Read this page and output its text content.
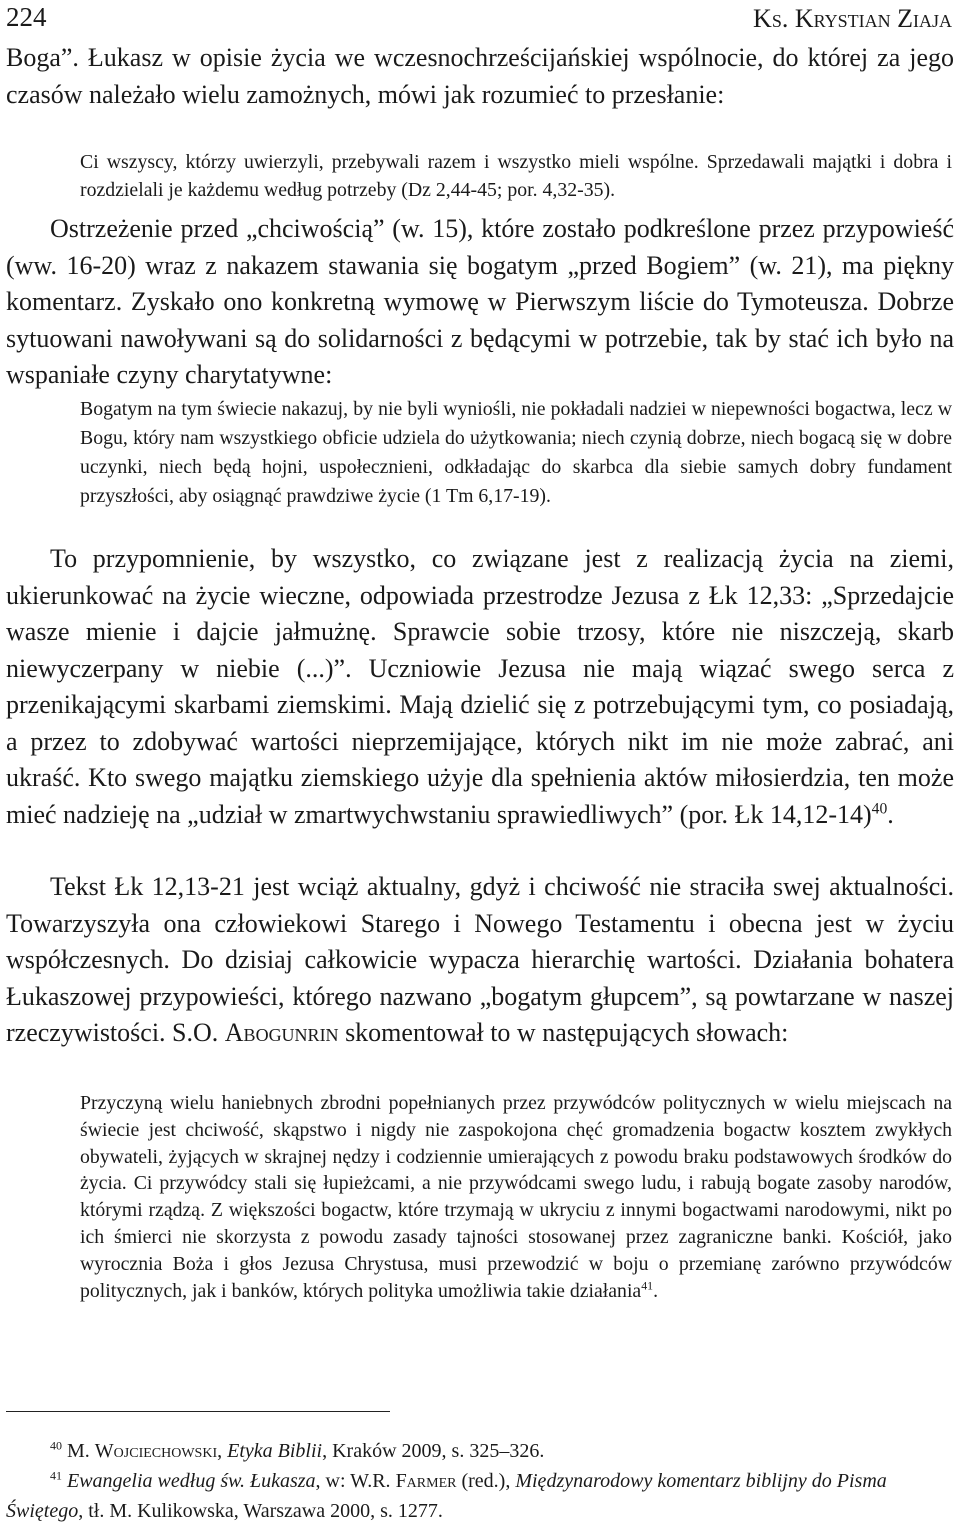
224	Ks. Krystian Ziaja

Boga”. Łukasz w opisie życia we wczesnochrześcijańskiej wspólnocie, do której za jego czasów należało wielu zamożnych, mówi jak rozumieć to przesłanie:

Ci wszyscy, którzy uwierzyli, przebywali razem i wszystko mieli wspólne. Sprzedawali majątki i dobra i rozdzielali je każdemu według potrzeby (Dz 2,44-45; por. 4,32-35).

Ostrzeżenie przed „chciwością” (w. 15), które zostało podkreślone przez przypowieść (ww. 16-20) wraz z nakazem stawania się bogatym „przed Bogiem” (w. 21), ma piękny komentarz. Zyskało ono konkretną wymowę w Pierwszym liście do Tymoteusza. Dobrze sytuowani nawoływani są do solidarności z będącymi w potrzebie, tak by stać ich było na wspaniałe czyny charytatywne:

Bogatym na tym świecie nakazuj, by nie byli wyniośli, nie pokładali nadziei w niepewności bogactwa, lecz w Bogu, który nam wszystkiego obficie udziela do użytkowania; niech czynią dobrze, niech bogacą się w dobre uczynki, niech będą hojni, uspołecznieni, odkładając do skarbca dla siebie samych dobry fundament przyszłości, aby osiągnąć prawdziwe życie (1 Tm 6,17-19).

To przypomnienie, by wszystko, co związane jest z realizacją życia na ziemi, ukierunkować na życie wieczne, odpowiada przestrodze Jezusa z Łk 12,33: „Sprzedajcie wasze mienie i dajcie jałmużnę. Sprawcie sobie trzosy, które nie niszczeją, skarb niewyczerpany w niebie (...)”. Uczniowie Jezusa nie mają wiązać swego serca z przenikającymi skarbami ziemskimi. Mają dzielić się z potrzebującymi tym, co posiadają, a przez to zdobywać wartości nieprzemijające, których nikt im nie może zabrać, ani ukraść. Kto swego majątku ziemskiego użyje dla spełnienia aktów miłosierdzia, ten może mieć nadzieję na „udział w zmartwychwstaniu sprawiedliwych” (por. Łk 14,12-14)$^{40}$.

Tekst Łk 12,13-21 jest wciąż aktualny, gdyż i chciwość nie straciła swej aktualności. Towarzyszyła ona człowiekowi Starego i Nowego Testamentu i obecna jest w życiu współczesnych. Do dzisiaj całkowicie wypacza hierarchię wartości. Działania bohatera Łukaszowej przypowieści, którego nazwano „bogatym głupcem”, są powtarzane w naszej rzeczywistości. S.O. Abogunrin skomentował to w następujących słowach:

Przyczyną wielu haniebnych zbrodni popełnianych przez przywódców politycznych w wielu miejscach na świecie jest chciwość, skąpstwo i nigdy nie zaspokojona chęć gromadzenia bogactw kosztem zwykłych obywateli, żyjących w skrajnej nędzy i codziennie umierających z powodu braku podstawowych środków do życia. Ci przywódcy stali się łupieżcami, a nie przywódcami swego ludu, i rabują bogate zasoby narodów, którymi rządzą. Z większości bogactw, które trzymają w ukryciu z innymi bogactwami narodowymi, nikt po ich śmierci nie skorzysta z powodu zasady tajności stosowanej przez zagraniczne banki. Kościół, jako wyrocznia Boża i głos Jezusa Chrystusa, musi przewodzić w boju o przemianę zarówno przywódców politycznych, jak i banków, których polityka umożliwia takie działania$^{41}$.

$^{40}$ M. Wojciechowski, Etyka Biblii, Kraków 2009, s. 325–326.

$^{41}$ Ewangelia według św. Łukasza, w: W.R. Farmer (red.), Międzynarodowy komentarz biblijny do Pisma Świętego, tł. M. Kulikowska, Warszawa 2000, s. 1277.
